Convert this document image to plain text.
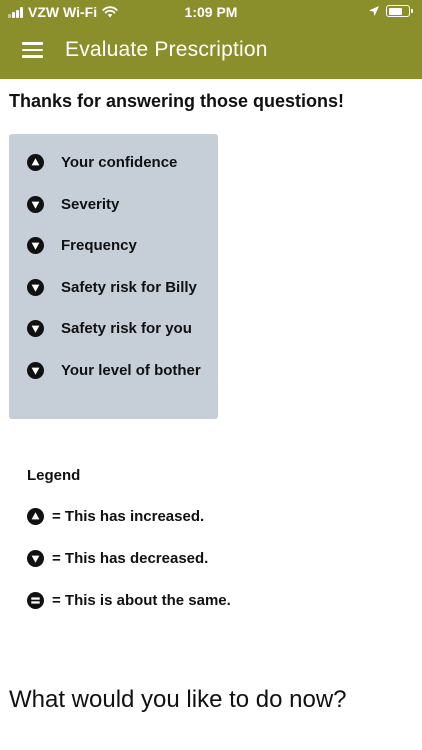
VZW Wi-Fi	1:09 PM
Evaluate Prescription
Thanks for answering those questions!
Your confidence
Severity
Frequency
Safety risk for Billy
Safety risk for you
Your level of bother
Legend
= This has increased.
= This has decreased.
= This is about the same.
What would you like to do now?
